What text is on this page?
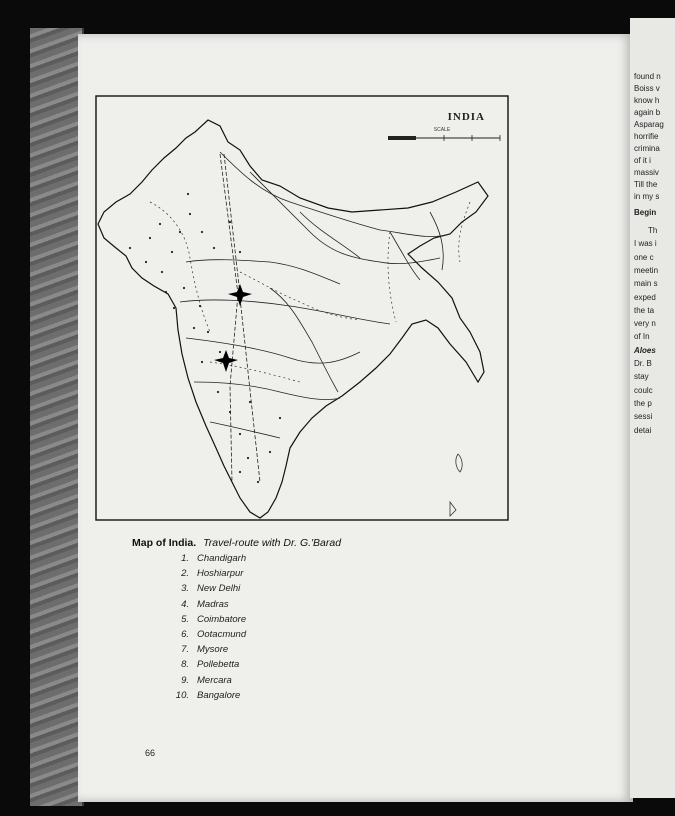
INDIA
SCALE
Map of India. Travel-route with Dr. G.'Barad
1. Chandigarh
2. Hoshiarpur
3. New Delhi
4. Madras
5. Coimbatore
6. Ootacmund
7. Mysore
8. Pollebetta
9. Mercara
10. Bangalore
66
found n
Boiss v
know h
again b
Asparag
horrifie
crimina
of it i
massiv
Till the
in my s
Begin
Th
I was i
one c
meetin
main s
exped
the ta
very n
of In
Aloes
Dr. B
stay
coulc
the p
sessi
detai
